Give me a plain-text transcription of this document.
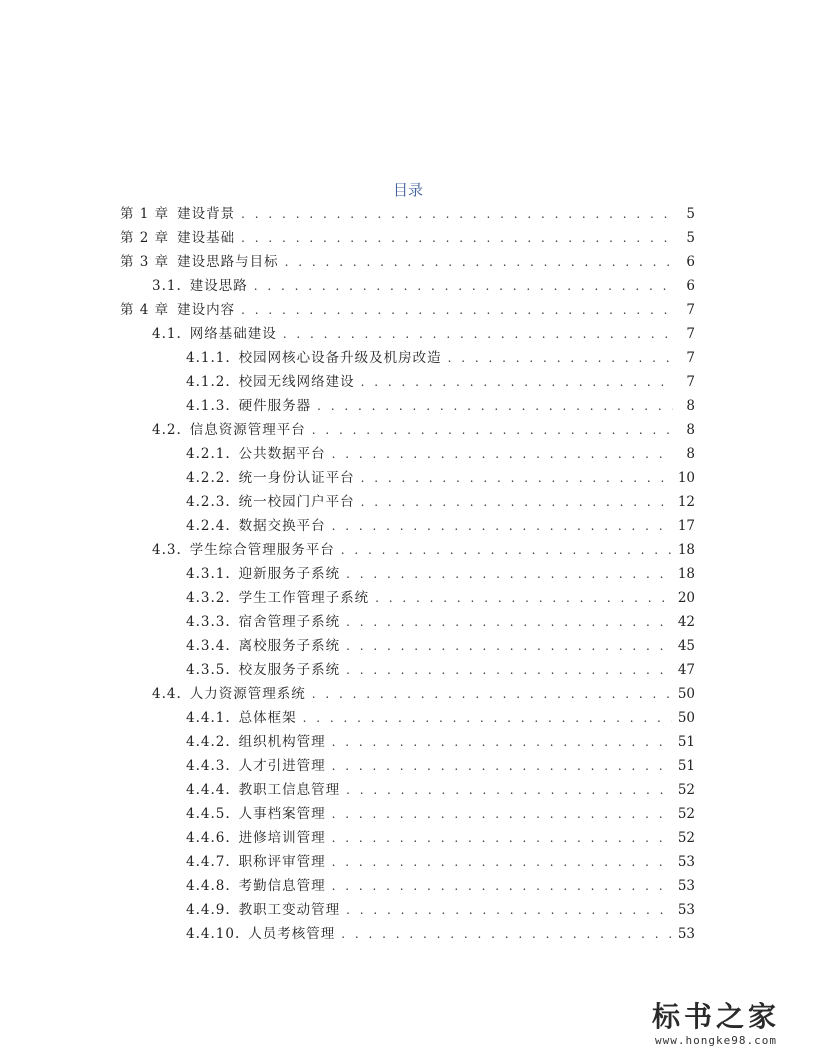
目录
第 1 章 建设背景 . . .	5
第 2 章 建设基础 . . .	5
第 3 章 建设思路与目标 . . .	6
3.1. 建设思路 . . .	6
第 4 章 建设内容 . . .	7
4.1. 网络基础建设 . . .	7
4.1.1. 校园网核心设备升级及机房改造 . . .	7
4.1.2. 校园无线网络建设 . . .	7
4.1.3. 硬件服务器 . . .	8
4.2. 信息资源管理平台 . . .	8
4.2.1. 公共数据平台 . . .	8
4.2.2. 统一身份认证平台 . . .	10
4.2.3. 统一校园门户平台 . . .	12
4.2.4. 数据交换平台 . . .	17
4.3. 学生综合管理服务平台 . . .	18
4.3.1. 迎新服务子系统 . . .	18
4.3.2. 学生工作管理子系统 . . .	20
4.3.3. 宿舍管理子系统 . . .	42
4.3.4. 离校服务子系统 . . .	45
4.3.5. 校友服务子系统 . . .	47
4.4. 人力资源管理系统 . . .	50
4.4.1. 总体框架 . . .	50
4.4.2. 组织机构管理 . . .	51
4.4.3. 人才引进管理 . . .	51
4.4.4. 教职工信息管理 . . .	52
4.4.5. 人事档案管理 . . .	52
4.4.6. 进修培训管理 . . .	52
4.4.7. 职称评审管理 . . .	53
4.4.8. 考勤信息管理 . . .	53
4.4.9. 教职工变动管理 . . .	53
4.4.10. 人员考核管理 . . .	53
标书之家
www.hongke98.com
